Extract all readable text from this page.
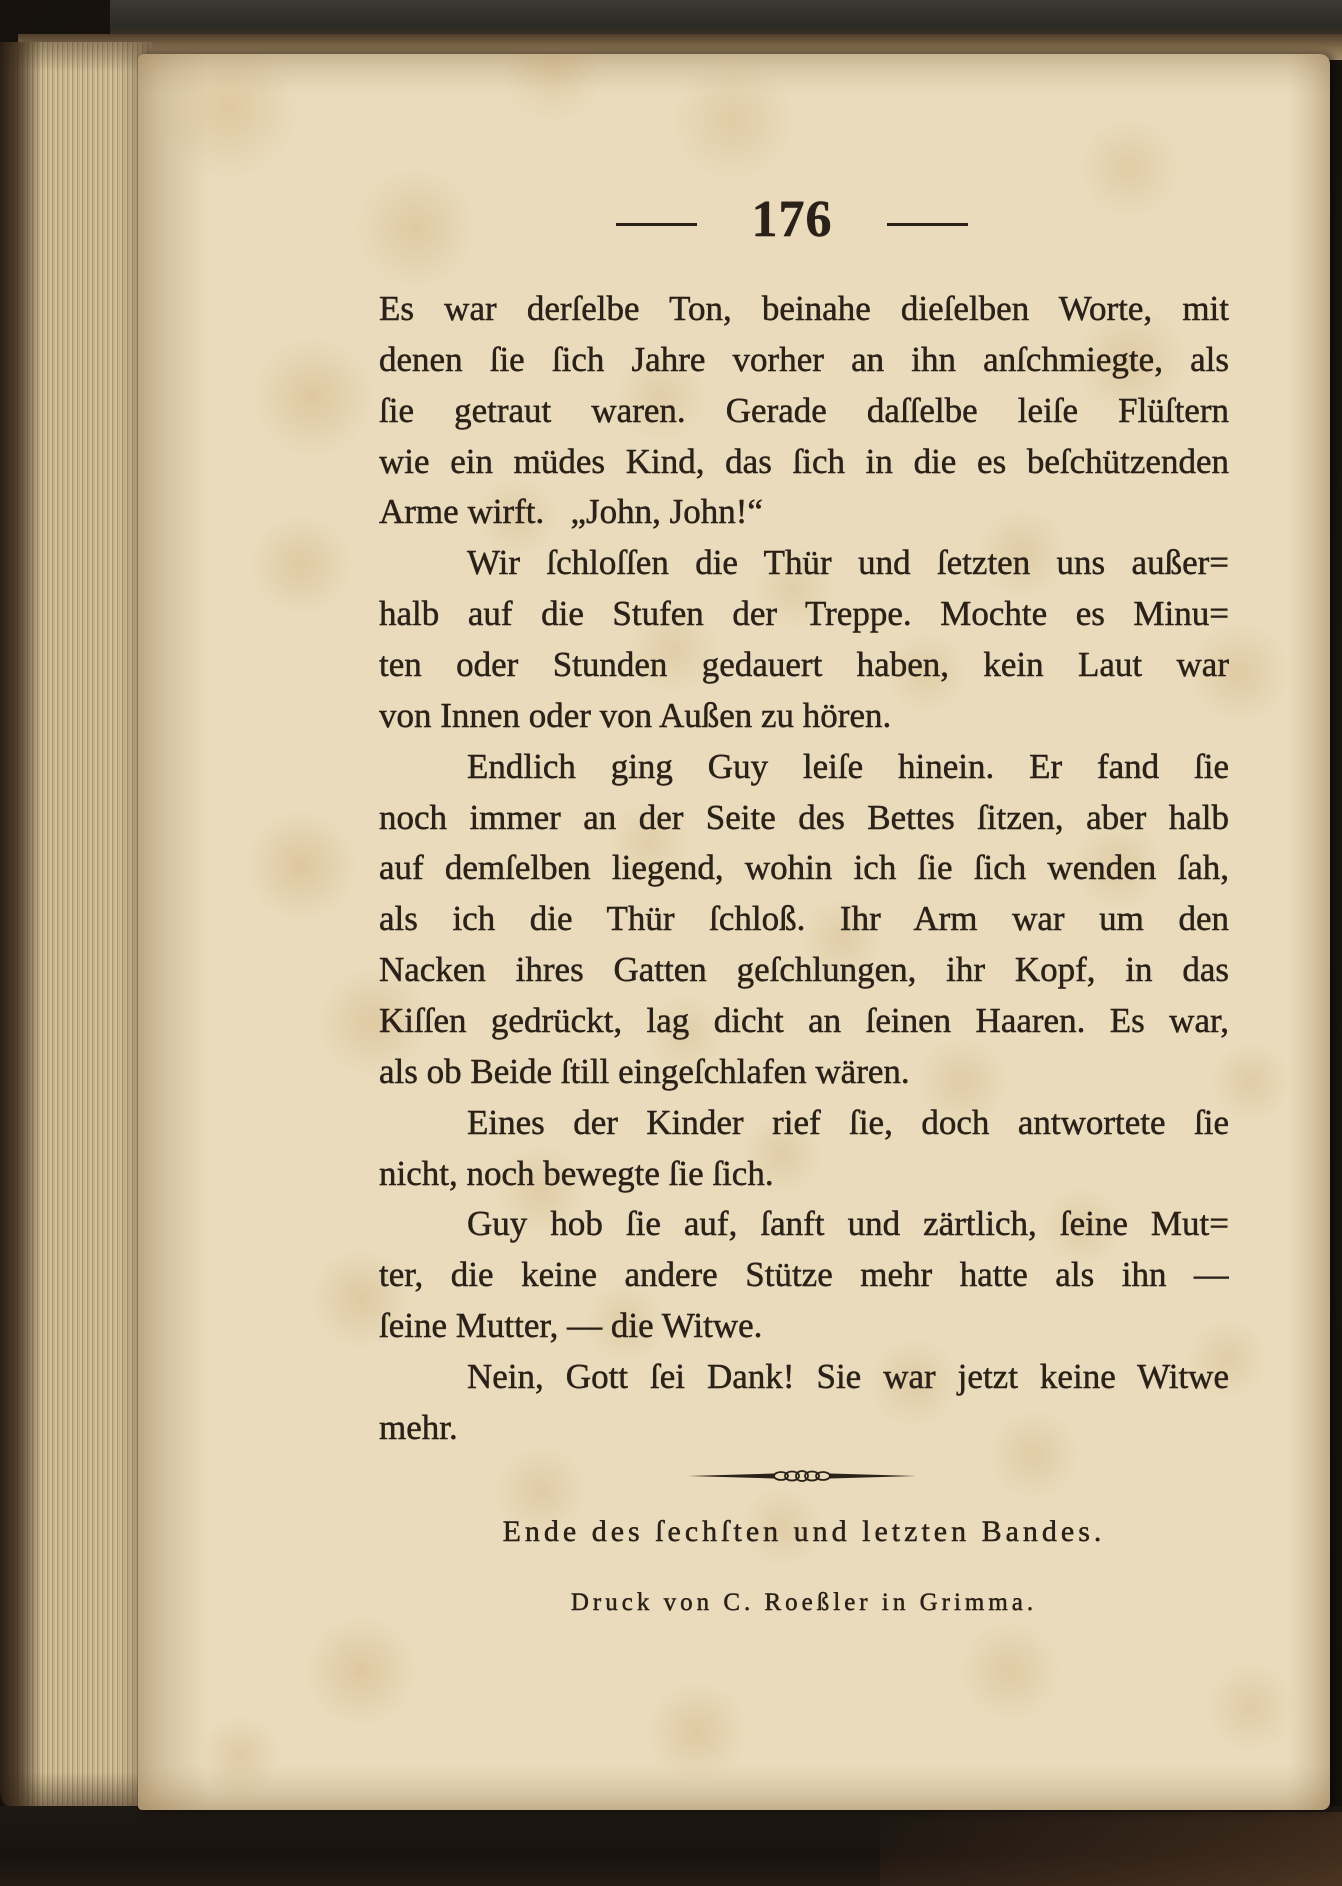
176
Es war derſelbe Ton, beinahe dieſelben Worte, mit
denen ſie ſich Jahre vorher an ihn anſchmiegte, als
ſie getraut waren. Gerade daſſelbe leiſe Flüſtern
wie ein müdes Kind, das ſich in die es beſchützenden
Arme wirft.   „John, John!“
Wir ſchloſſen die Thür und ſetzten uns außer=
halb auf die Stufen der Treppe. Mochte es Minu=
ten oder Stunden gedauert haben, kein Laut war
von Innen oder von Außen zu hören.
Endlich ging Guy leiſe hinein. Er fand ſie
noch immer an der Seite des Bettes ſitzen, aber halb
auf demſelben liegend, wohin ich ſie ſich wenden ſah,
als ich die Thür ſchloß. Ihr Arm war um den
Nacken ihres Gatten geſchlungen, ihr Kopf, in das
Kiſſen gedrückt, lag dicht an ſeinen Haaren. Es war,
als ob Beide ſtill eingeſchlafen wären.
Eines der Kinder rief ſie, doch antwortete ſie
nicht, noch bewegte ſie ſich.
Guy hob ſie auf, ſanft und zärtlich, ſeine Mut=
ter, die keine andere Stütze mehr hatte als ihn —
ſeine Mutter, — die Witwe.
Nein, Gott ſei Dank! Sie war jetzt keine Witwe
mehr.
Ende des ſechſten und letzten Bandes.
Druck von C. Roeßler in Grimma.
